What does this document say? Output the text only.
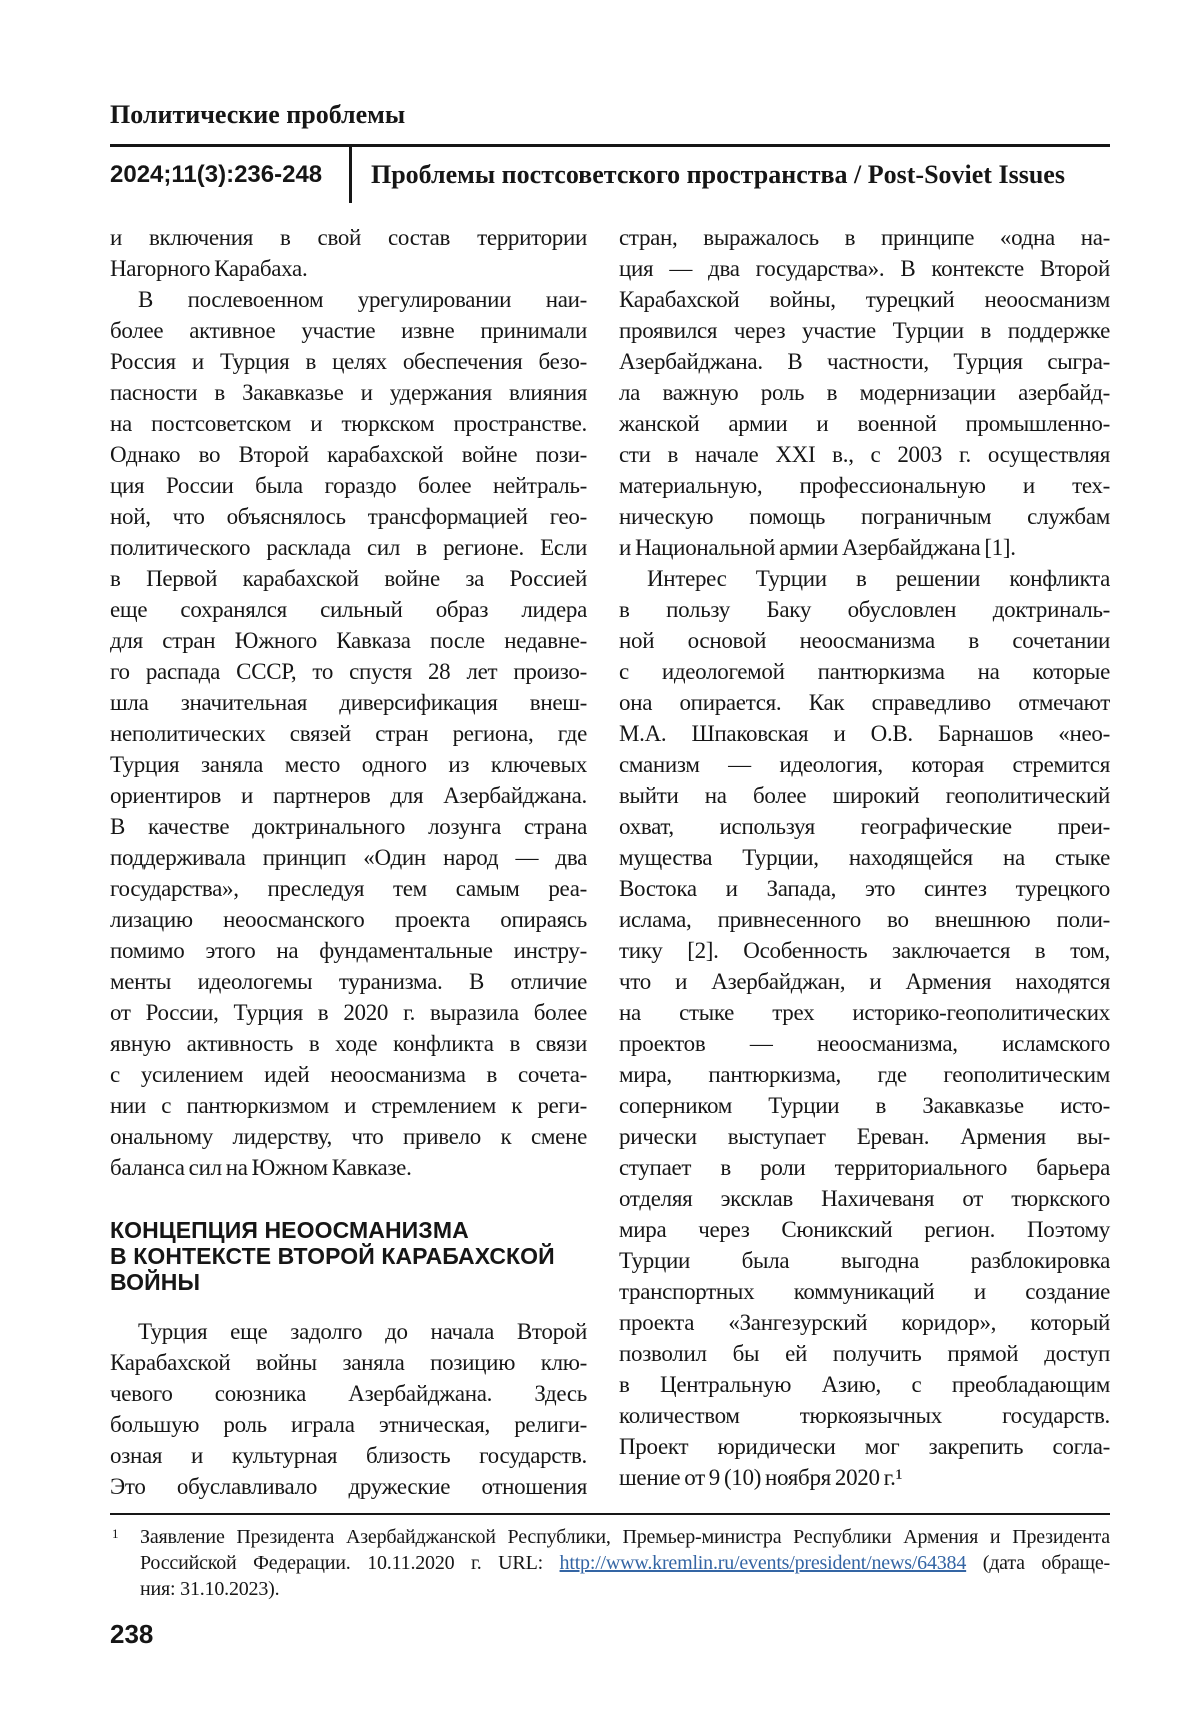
Политические проблемы
2024;11(3):236-248	Проблемы постсоветского пространства / Post-Soviet Issues
и включения в свой состав территории
Нагорного Карабаха.
В послевоенном урегулировании наи-
более активное участие извне принимали
Россия и Турция в целях обеспечения безо-
пасности в Закавказье и удержания влияния
на постсоветском и тюркском пространстве.
Однако во Второй карабахской войне пози-
ция России была гораздо более нейтраль-
ной, что объяснялось трансформацией гео-
политического расклада сил в регионе. Если
в Первой карабахской войне за Россией
еще сохранялся сильный образ лидера
для стран Южного Кавказа после недавне-
го распада СССР, то спустя 28 лет произо-
шла значительная диверсификация внеш-
неполитических связей стран региона, где
Турция заняла место одного из ключевых
ориентиров и партнеров для Азербайджана.
В качестве доктринального лозунга страна
поддерживала принцип «Один народ — два
государства», преследуя тем самым реа-
лизацию неоосманского проекта опираясь
помимо этого на фундаментальные инстру-
менты идеологемы туранизма. В отличие
от России, Турция в 2020 г. выразила более
явную активность в ходе конфликта в связи
с усилением идей неоосманизма в сочета-
нии с пантюркизмом и стремлением к реги-
ональному лидерству, что привело к смене
баланса сил на Южном Кавказе.
КОНЦЕПЦИЯ НЕООСМАНИЗМА
В КОНТЕКСТЕ ВТОРОЙ КАРАБАХСКОЙ
ВОЙНЫ
Турция еще задолго до начала Второй
Карабахской войны заняла позицию клю-
чевого союзника Азербайджана. Здесь
большую роль играла этническая, религи-
озная и культурная близость государств.
Это обуславливало дружеские отношения
стран, выражалось в принципе «одна на-
ция — два государства». В контексте Второй
Карабахской войны, турецкий неоосманизм
проявился через участие Турции в поддержке
Азербайджана. В частности, Турция сыгра-
ла важную роль в модернизации азербайд-
жанской армии и военной промышленно-
сти в начале XXI в., с 2003 г. осуществляя
материальную, профессиональную и тех-
ническую помощь пограничным службам
и Национальной армии Азербайджана [1].
Интерес Турции в решении конфликта
в пользу Баку обусловлен доктриналь-
ной основой неоосманизма в сочетании
с идеологемой пантюркизма на которые
она опирается. Как справедливо отмечают
М.А. Шпаковская и О.В. Барнашов «нео-
сманизм — идеология, которая стремится
выйти на более широкий геополитический
охват, используя географические преи-
мущества Турции, находящейся на стыке
Востока и Запада, это синтез турецкого
ислама, привнесенного во внешнюю поли-
тику [2]. Особенность заключается в том,
что и Азербайджан, и Армения находятся
на стыке трех историко-геополитических
проектов — неоосманизма, исламского
мира, пантюркизма, где геополитическим
соперником Турции в Закавказье исто-
рически выступает Ереван. Армения вы-
ступает в роли территориального барьера
отделяя эксклав Нахичеваня от тюркского
мира через Сюникский регион. Поэтому
Турции была выгодна разблокировка
транспортных коммуникаций и создание
проекта «Зангезурский коридор», который
позволил бы ей получить прямой доступ
в Центральную Азию, с преобладающим
количеством тюркоязычных государств.
Проект юридически мог закрепить согла-
шение от 9 (10) ноября 2020 г.¹
1 Заявление Президента Азербайджанской Республики, Премьер-министра Республики Армения и Президента
Российской Федерации. 10.11.2020 г. URL: http://www.kremlin.ru/events/president/news/64384 (дата обраще-
ния: 31.10.2023).
238
